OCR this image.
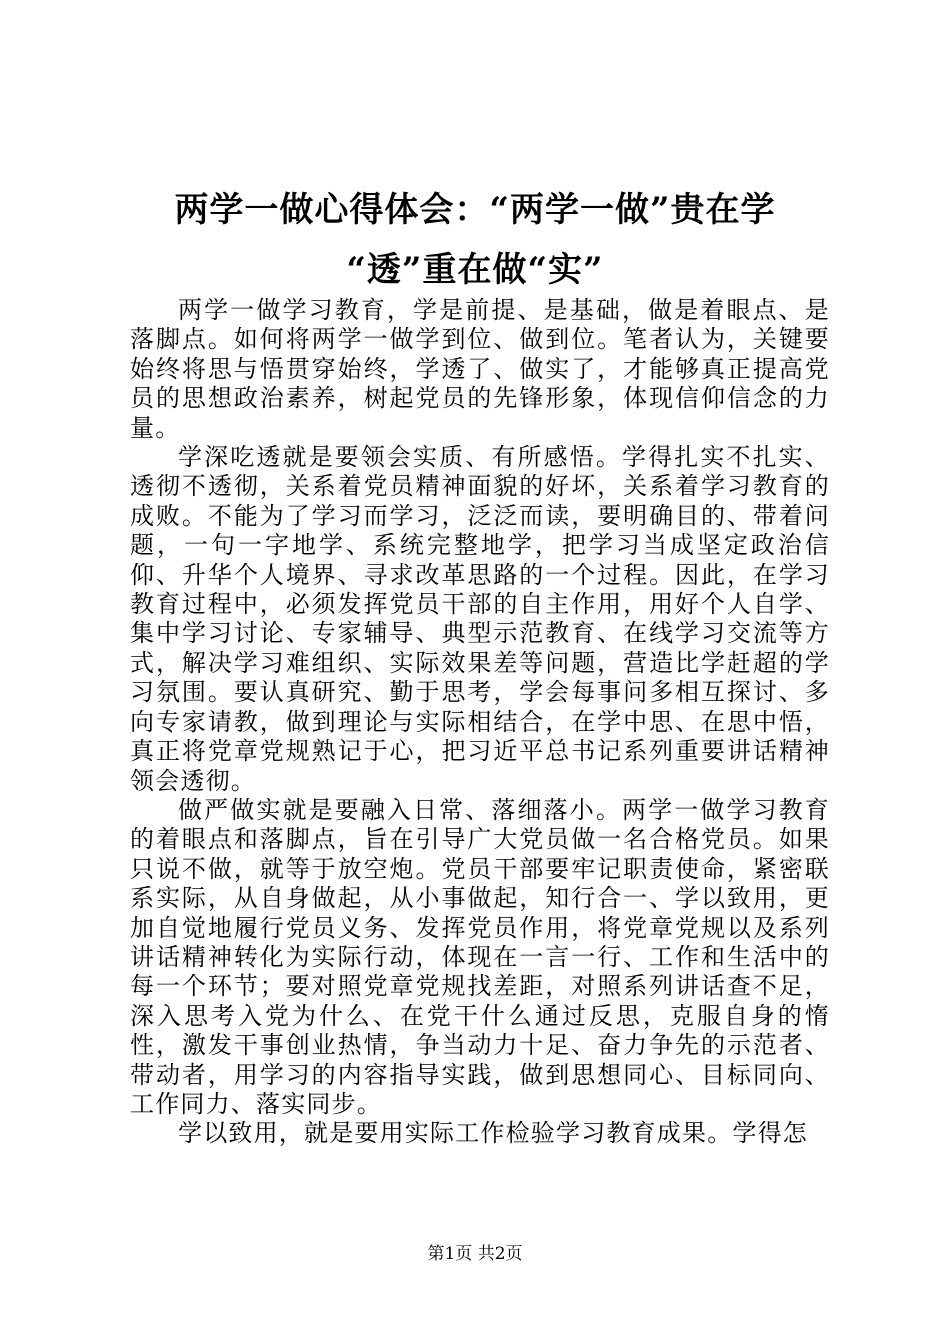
两学一做心得体会：“两学一做”贵在学
“透”重在做“实”

两学一做学习教育，学是前提、是基础，做是着眼点、是落脚点。如何将两学一做学到位、做到位。笔者认为，关键要始终将思与悟贯穿始终，学透了、做实了，才能够真正提高党员的思想政治素养，树起党员的先锋形象，体现信仰信念的力量。

学深吃透就是要领会实质、有所感悟。学得扎实不扎实、透彻不透彻，关系着党员精神面貌的好坏，关系着学习教育的成败。不能为了学习而学习，泛泛而读，要明确目的、带着问题，一句一字地学、系统完整地学，把学习当成坚定政治信仰、升华个人境界、寻求改革思路的一个过程。因此，在学习教育过程中，必须发挥党员干部的自主作用，用好个人自学、集中学习讨论、专家辅导、典型示范教育、在线学习交流等方式，解决学习难组织、实际效果差等问题，营造比学赶超的学习氛围。要认真研究、勤于思考，学会每事问多相互探讨、多向专家请教，做到理论与实际相结合，在学中思、在思中悟，真正将党章党规熟记于心，把习近平总书记系列重要讲话精神领会透彻。

做严做实就是要融入日常、落细落小。两学一做学习教育的着眼点和落脚点，旨在引导广大党员做一名合格党员。如果只说不做，就等于放空炮。党员干部要牢记职责使命，紧密联系实际，从自身做起，从小事做起，知行合一、学以致用，更加自觉地履行党员义务、发挥党员作用，将党章党规以及系列讲话精神转化为实际行动，体现在一言一行、工作和生活中的每一个环节；要对照党章党规找差距，对照系列讲话查不足，深入思考入党为什么、在党干什么通过反思，克服自身的惰性，激发干事创业热情，争当动力十足、奋力争先的示范者、带动者，用学习的内容指导实践，做到思想同心、目标同向、工作同力、落实同步。

学以致用，就是要用实际工作检验学习教育成果。学得怎

第1页 共2页
